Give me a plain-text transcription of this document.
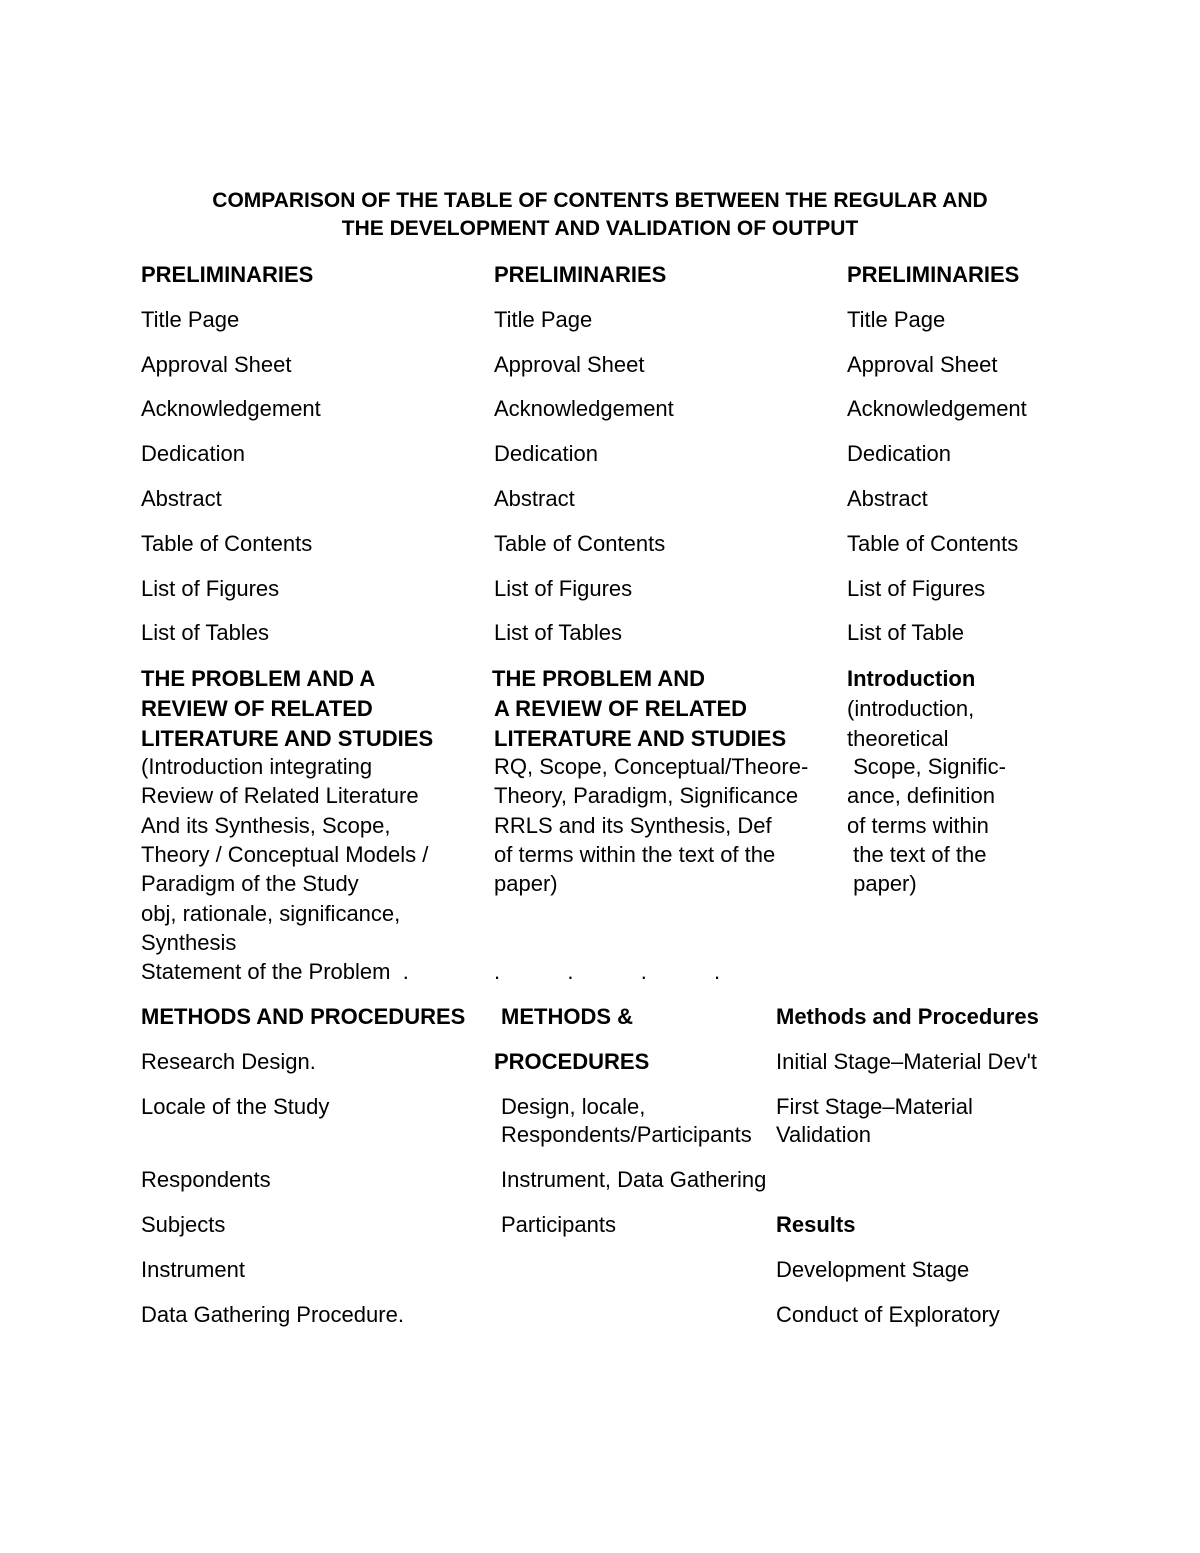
COMPARISON OF THE TABLE OF CONTENTS BETWEEN THE REGULAR AND
THE DEVELOPMENT AND VALIDATION OF OUTPUT
PRELIMINARIES
Title Page
Approval Sheet
Acknowledgement
Dedication
Abstract
Table of Contents
List of Figures
List of Tables
PRELIMINARIES
Title Page
Approval Sheet
Acknowledgement
Dedication
Abstract
Table of Contents
List of Figures
List of Tables
PRELIMINARIES
Title Page
Approval Sheet
Acknowledgement
Dedication
Abstract
Table of Contents
List of Figures
List of Table
THE PROBLEM AND A
REVIEW OF RELATED
LITERATURE AND STUDIES
(Introduction integrating
Review of Related Literature
And its Synthesis, Scope,
Theory / Conceptual Models /
Paradigm of the Study
obj, rationale, significance,
Synthesis
Statement of the Problem  .
THE PROBLEM AND
A REVIEW OF RELATED
LITERATURE AND STUDIES
RQ, Scope, Conceptual/Theore-
Theory, Paradigm, Significance
RRLS and its Synthesis, Def
of terms within the text of the
paper)
.           .           .           .
Introduction
(introduction,
theoretical
Scope, Signific-
ance, definition
of terms within
the text of the
paper)
METHODS AND PROCEDURES
Research Design.
Locale of the Study
Respondents
Subjects
Instrument
Data Gathering Procedure.
METHODS &
PROCEDURES
Design, locale,
Respondents/Participants
Instrument, Data Gathering
Participants
Methods and Procedures
Initial Stage–Material Dev't
First Stage–Material
Validation
Results
Development Stage
Conduct of Exploratory
